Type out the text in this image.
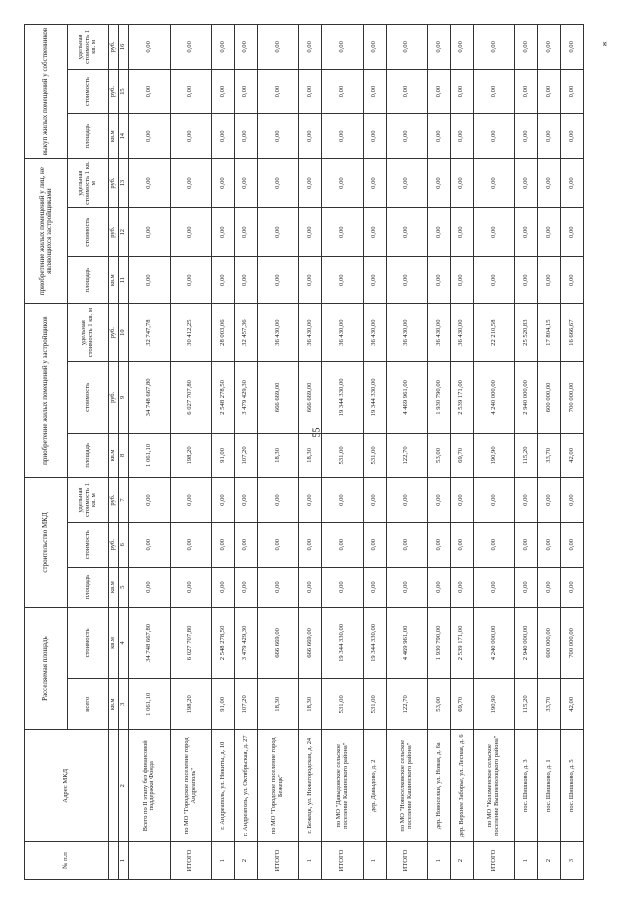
55
ж
№ п.п	Адрес МКД	Расселяемая площадь		строительство МКД			приобретение жилых помещений у застройщиков			приобретение жилых помещений у лиц, не являющихся застройщиками			выкуп жилых помещений у собственников		
		всего	стоимость	площадь	стоимость	удельная стоимость 1 кв. м	площадь	стоимость	удельная стоимость 1 кв. м	площадь	стоимость	удельная стоимость 1 кв. м	площадь	стоимость	удельная стоимость 1 кв. м
		кв.м	кв.м	кв.м	руб.	руб.	кв.м	руб.	руб.	кв.м	руб.	руб.	кв.м	руб.	руб.
1	2	3	4	5	6	7	8	9	10	11	12	13	14	15	16
	Всего по II этапу без финансовой поддержки Фонда	1 061,10	34 748 667,80	0,00	0,00	0,00	1 061,10	34 748 667,80	32 747,78	0,00	0,00	0,00	0,00	0,00	0,00
ИТОГО	по МО "Городское поселение город Андреаполь"	198,20	6 027 707,80	0,00	0,00	0,00	198,20	6 027 707,80	30 412,25	0,00	0,00	0,00	0,00	0,00	0,00
1	г. Андреаполь, ул. Никиты, д. 10	91,00	2 548 278,50	0,00	0,00	0,00	91,00	2 548 278,50	28 003,06	0,00	0,00	0,00	0,00	0,00	0,00
2	г. Андреаполь, ул. Октябрьская, д. 27	107,20	3 479 429,30	0,00	0,00	0,00	107,20	3 479 429,30	32 457,36	0,00	0,00	0,00	0,00	0,00	0,00
ИТОГО	по МО "Городское поселение город Бежецк"	18,30	666 669,00	0,00	0,00	0,00	18,30	666 669,00	36 430,00	0,00	0,00	0,00	0,00	0,00	0,00
1	г. Бежецк, ул. Нижегородская, д. 24	18,30	666 669,00	0,00	0,00	0,00	18,30	666 669,00	36 430,00	0,00	0,00	0,00	0,00	0,00	0,00
ИТОГО	по МО "Давыдовское сельское поселение Кашинского района"	531,00	19 344 330,00	0,00	0,00	0,00	531,00	19 344 330,00	36 430,00	0,00	0,00	0,00	0,00	0,00	0,00
1	дер. Давыдово, д. 2	531,00	19 344 330,00	0,00	0,00	0,00	531,00	19 344 330,00	36 430,00	0,00	0,00	0,00	0,00	0,00	0,00
ИТОГО	по МО "Новоселковское сельское поселение Кашинского района"	122,70	4 469 961,00	0,00	0,00	0,00	122,70	4 469 961,00	36 430,00	0,00	0,00	0,00	0,00	0,00	0,00
1	дер. Новоселки, ул. Новая, д. 6а	53,00	1 930 790,00	0,00	0,00	0,00	53,00	1 930 790,00	36 430,00	0,00	0,00	0,00	0,00	0,00	0,00
2	дер. Верхнее Заборье, ул. Лесная, д. 6	69,70	2 539 171,00	0,00	0,00	0,00	69,70	2 539 171,00	36 430,00	0,00	0,00	0,00	0,00	0,00	0,00
ИТОГО	по МО "Коломенское сельское поселение Вышневолоцкого района"	190,90	4 240 000,00	0,00	0,00	0,00	190,90	4 240 000,00	22 210,58	0,00	0,00	0,00	0,00	0,00	0,00
1	пос. Шишково, д. 3	115,20	2 940 000,00	0,00	0,00	0,00	115,20	2 940 000,00	25 520,83	0,00	0,00	0,00	0,00	0,00	0,00
2	пос. Шишково, д. 1	33,70	600 000,00	0,00	0,00	0,00	33,70	600 000,00	17 804,15	0,00	0,00	0,00	0,00	0,00	0,00
3	пос. Шишково, д. 5	42,00	700 000,00	0,00	0,00	0,00	42,00	700 000,00	16 666,67	0,00	0,00	0,00	0,00	0,00	0,00
